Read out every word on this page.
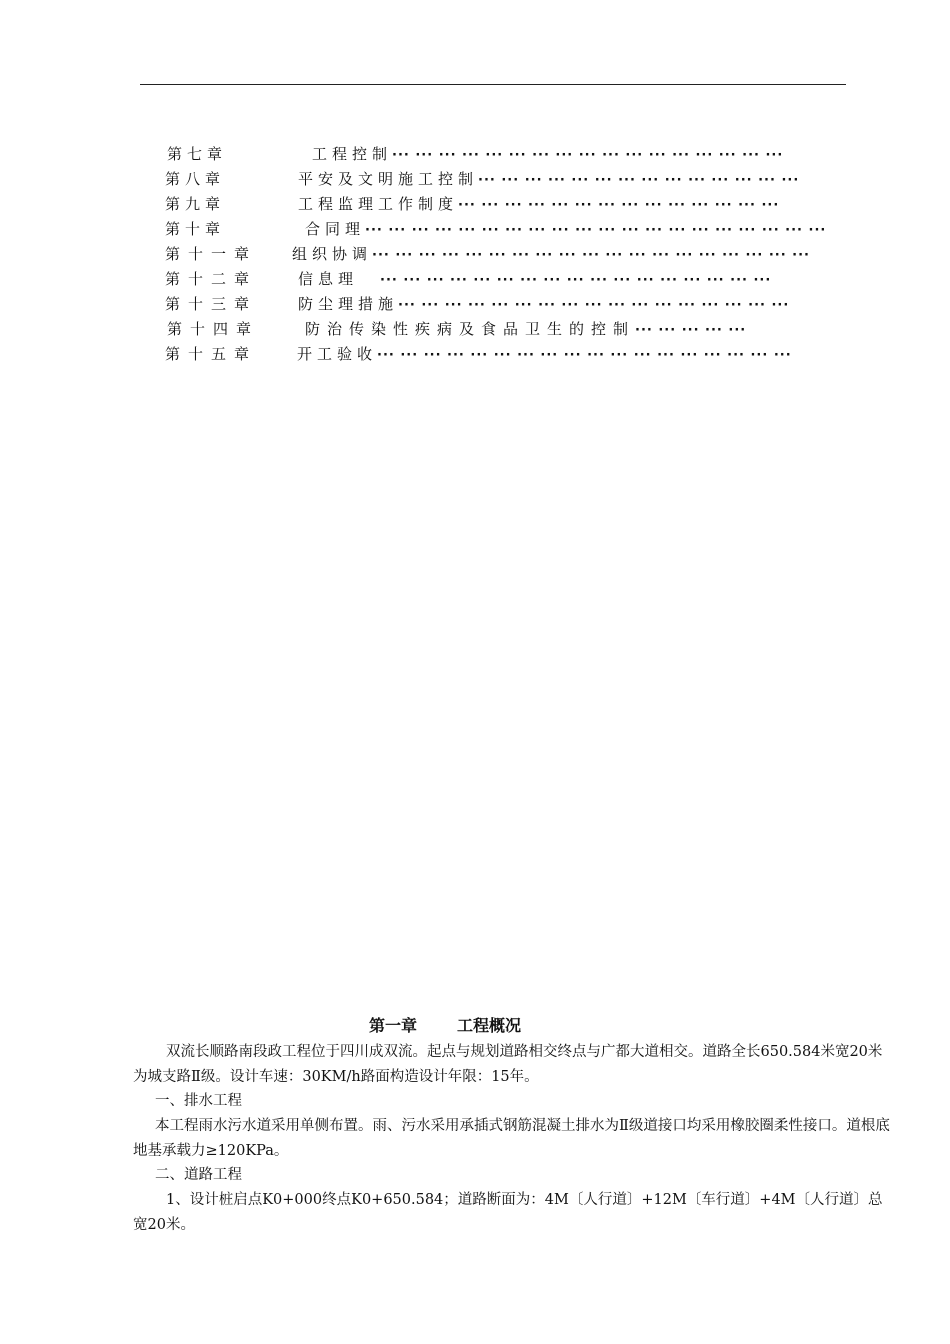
第七章	工程控制··· ··· ··· ··· ··· ··· ··· ··· ··· ··· ··· ··· ··· ··· ··· ··· ···
第八章	平安及文明施工控制··· ··· ··· ··· ··· ··· ··· ··· ··· ··· ··· ··· ··· ···
第九章	工程监理工作制度··· ··· ··· ··· ··· ··· ··· ··· ··· ··· ··· ··· ··· ···
第十章	合同理··· ··· ··· ··· ··· ··· ··· ··· ··· ··· ··· ··· ··· ··· ··· ··· ··· ··· ··· ···
第十一章 组织协调··· ··· ··· ··· ··· ··· ··· ··· ··· ··· ··· ··· ··· ··· ··· ··· ··· ··· ···
第十二章	信息理 ··· ··· ··· ··· ··· ··· ··· ··· ··· ··· ··· ··· ··· ··· ··· ··· ···
第十三章	防尘理措施··· ··· ··· ··· ··· ··· ··· ··· ··· ··· ··· ··· ··· ··· ··· ··· ···
第十四章	防治传染性疾病及食品卫生的控制··· ··· ··· ··· ···
第十五章	开工验收··· ··· ··· ··· ··· ··· ··· ··· ··· ··· ··· ··· ··· ··· ··· ··· ··· ···
第一章	工程概况
双流长顺路南段政工程位于四川成双流。起点与规划道路相交终点与广都大道相交。道路全长650.584米宽20米为城支路Ⅱ级。设计车速：30KM/h路面构造设计年限：15年。
一、排水工程
本工程雨水污水道采用单侧布置。雨、污水采用承插式钢筋混凝土排水为Ⅱ级道接口均采用橡胶圈柔性接口。道根底地基承载力≥120KPa。
二、道路工程
1、设计桩启点K0+000终点K0+650.584；道路断面为：4M〔人行道〕+12M〔车行道〕+4M〔人行道〕总宽20米。
